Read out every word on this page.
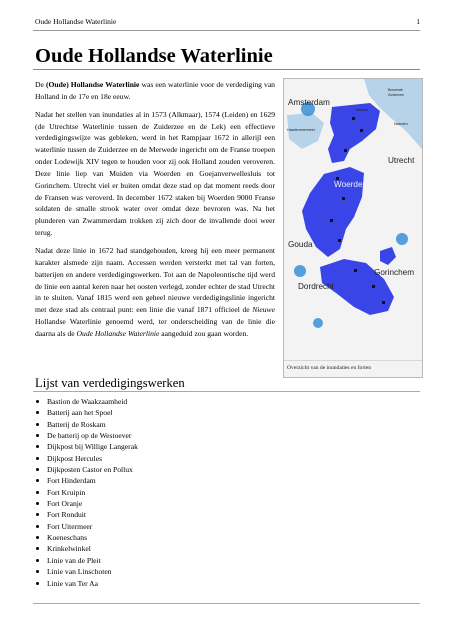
Oude Hollandse Waterlinie	1
Oude Hollandse Waterlinie

De (Oude) Hollandse Waterlinie was een waterlinie voor de verdediging van Holland in de 17e en 18e eeuw.

Nadat het stellen van inundaties al in 1573 (Alkmaar), 1574 (Leiden) en 1629 (de Utrechtse Waterlinie tussen de Zuiderzee en de Lek) een effectieve verdedigingswijze was gebleken, werd in het Rampjaar 1672 in allerijl een waterlinie tussen de Zuiderzee en de Merwede ingericht om de Franse troepen onder Lodewijk XIV tegen te houden voor zij ook Holland zouden veroveren. Deze linie liep van Muiden via Woerden en Goejanverwellesluis tot Gorinchem. Utrecht viel er buiten omdat deze stad op dat moment reeds door de Fransen was veroverd. In december 1672 staken bij Woerden 9000 Franse soldaten de smalle strook water over omdat deze bevroren was. Na het plunderen van Zwammerdam trokken zij zich door de invallende dooi weer terug.

Nadat deze linie in 1672 had standgehouden, kreeg hij een meer permanent karakter alsmede zijn naam. Accessen werden versterkt met tal van forten, batterijen en andere verdedigingswerken. Tot aan de Napoleontische tijd werd de linie een aantal keren naar het oosten verlegd, zonder echter de stad Utrecht in te sluiten. Vanaf 1815 werd een geheel nieuwe verdedigingslinie ingericht met deze stad als centraal punt: een linie die vanaf 1871 officieel de Nieuwe Hollandse Waterlinie genoemd werd, ter onderscheiding van de linie die daarna als de Oude Hollandse Waterlinie aangeduid zou gaan worden.

Amsterdam
Muiden
Naarden
Haarlemmermeer
Woerden
Utrecht
Gouda
Gorinchem
Dordrecht
Bovenste
Zuiderzee
Overzicht van de inundaties en forten
Lijst van verdedigingswerken
Bastion de Waakzaamheid
Batterij aan het Spoel
Batterij de Roskam
De batterij op de Westoever
Dijkpost bij Willige Langerak
Dijkpost Hercules
Dijkposten Castor en Pollux
Fort Hinderdam
Fort Kruipin
Fort Oranje
Fort Ronduit
Fort Uitermeer
Koeneschans
Krinkelwinkel
Linie van de Pleit
Linie van Linschoten
Linie van Ter Aa
